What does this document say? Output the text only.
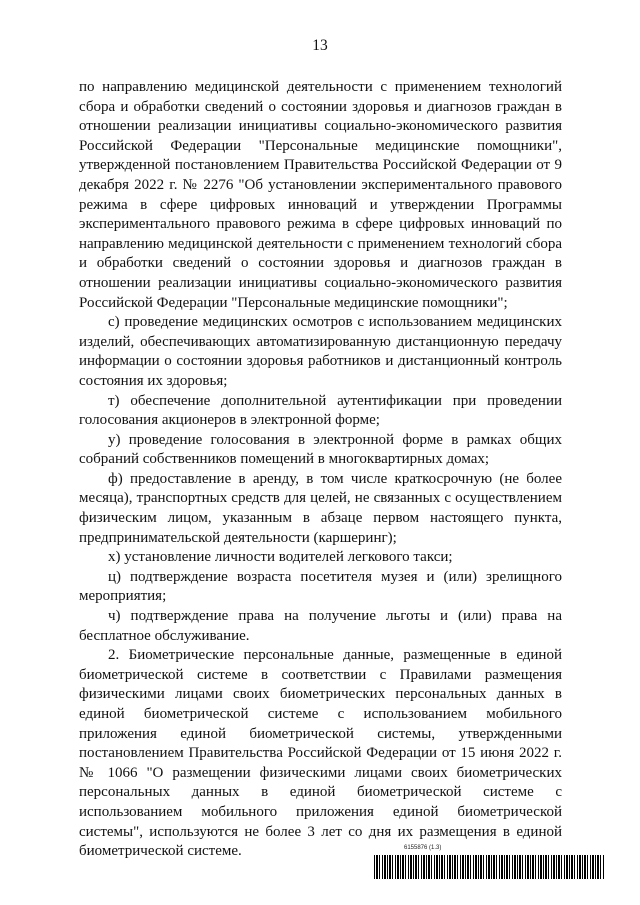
13

по направлению медицинской деятельности с применением технологий сбора и обработки сведений о состоянии здоровья и диагнозов граждан в отношении реализации инициативы социально-экономического развития Российской Федерации "Персональные медицинские помощники", утвержденной постановлением Правительства Российской Федерации от 9 декабря 2022 г. № 2276 "Об установлении экспериментального правового режима в сфере цифровых инноваций и утверждении Программы экспериментального правового режима в сфере цифровых инноваций по направлению медицинской деятельности с применением технологий сбора и обработки сведений о состоянии здоровья и диагнозов граждан в отношении реализации инициативы социально-экономического развития Российской Федерации "Персональные медицинские помощники";

с) проведение медицинских осмотров с использованием медицинских изделий, обеспечивающих автоматизированную дистанционную передачу информации о состоянии здоровья работников и дистанционный контроль состояния их здоровья;

т) обеспечение дополнительной аутентификации при проведении голосования акционеров в электронной форме;

у) проведение голосования в электронной форме в рамках общих собраний собственников помещений в многоквартирных домах;

ф) предоставление в аренду, в том числе краткосрочную (не более месяца), транспортных средств для целей, не связанных с осуществлением физическим лицом, указанным в абзаце первом настоящего пункта, предпринимательской деятельности (каршеринг);

х) установление личности водителей легкового такси;

ц) подтверждение возраста посетителя музея и (или) зрелищного мероприятия;

ч) подтверждение права на получение льготы и (или) права на бесплатное обслуживание.

2. Биометрические персональные данные, размещенные в единой биометрической системе в соответствии с Правилами размещения физическими лицами своих биометрических персональных данных в единой биометрической системе с использованием мобильного приложения единой биометрической системы, утвержденными постановлением Правительства Российской Федерации от 15 июня 2022 г. № 1066 "О размещении физическими лицами своих биометрических персональных данных в единой биометрической системе с использованием мобильного приложения единой биометрической системы", используются не более 3 лет со дня их размещения в единой биометрической системе.	6155876 (1.3)
